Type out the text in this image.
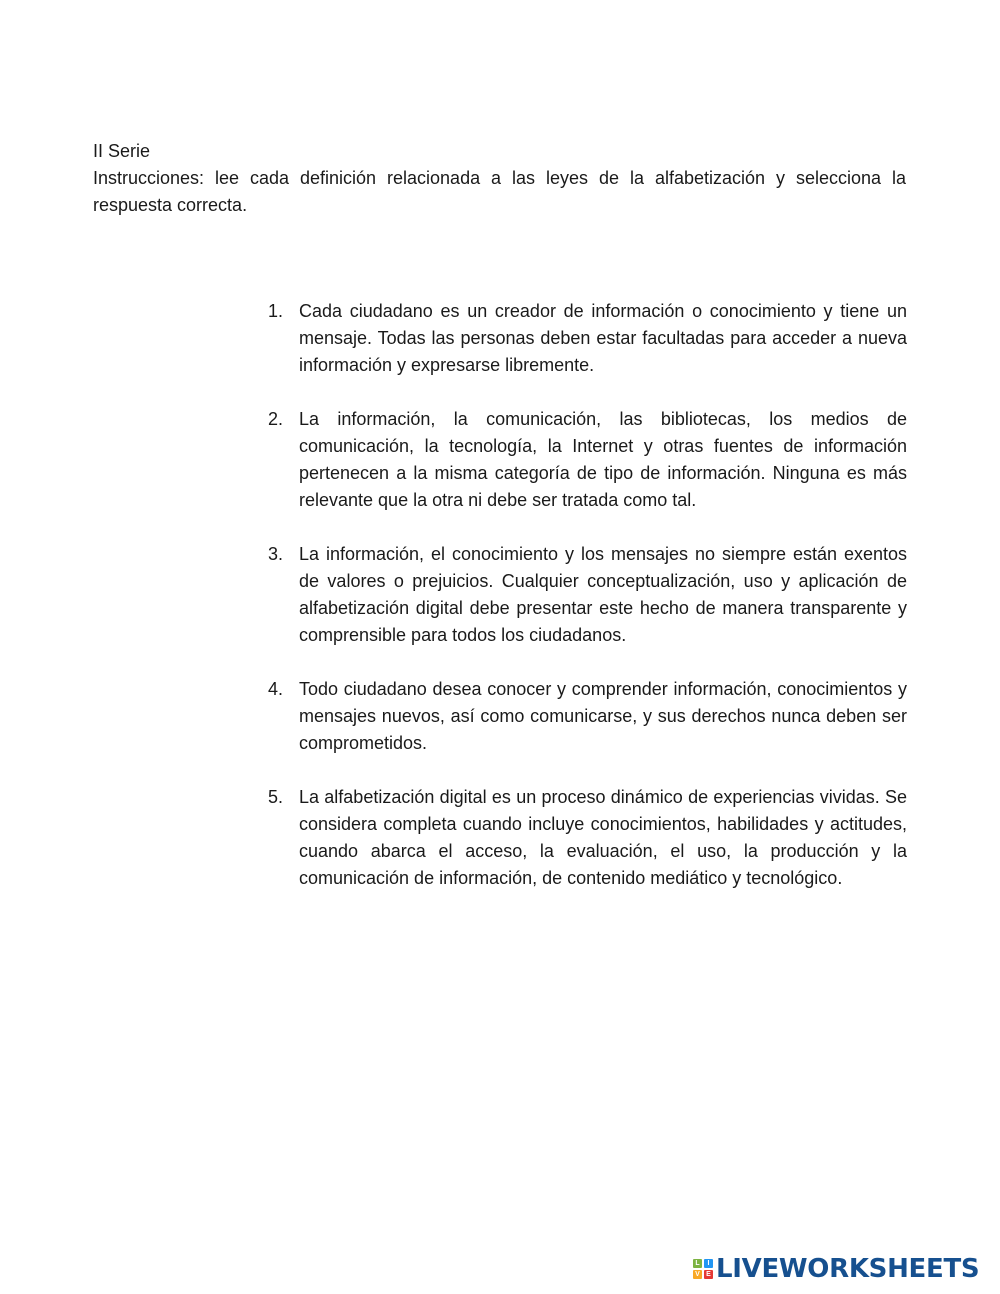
II Serie

Instrucciones: lee cada definición relacionada a las leyes de la alfabetización y selecciona la respuesta correcta.

1. Cada ciudadano es un creador de información o conocimiento y tiene un mensaje. Todas las personas deben estar facultadas para acceder a nueva información y expresarse libremente.
2. La información, la comunicación, las bibliotecas, los medios de comunicación, la tecnología, la Internet y otras fuentes de información pertenecen a la misma categoría de tipo de información. Ninguna es más relevante que la otra ni debe ser tratada como tal.
3. La información, el conocimiento y los mensajes no siempre están exentos de valores o prejuicios. Cualquier conceptualización, uso y aplicación de alfabetización digital debe presentar este hecho de manera transparente y comprensible para todos los ciudadanos.
4. Todo ciudadano desea conocer y comprender información, conocimientos y mensajes nuevos, así como comunicarse, y sus derechos nunca deben ser comprometidos.
5. La alfabetización digital es un proceso dinámico de experiencias vividas. Se considera completa cuando incluye conocimientos, habilidades y actitudes, cuando abarca el acceso, la evaluación, el uso, la producción y la comunicación de información, de contenido mediático y tecnológico.
L	I
V E LIVEWORKSHEETS
